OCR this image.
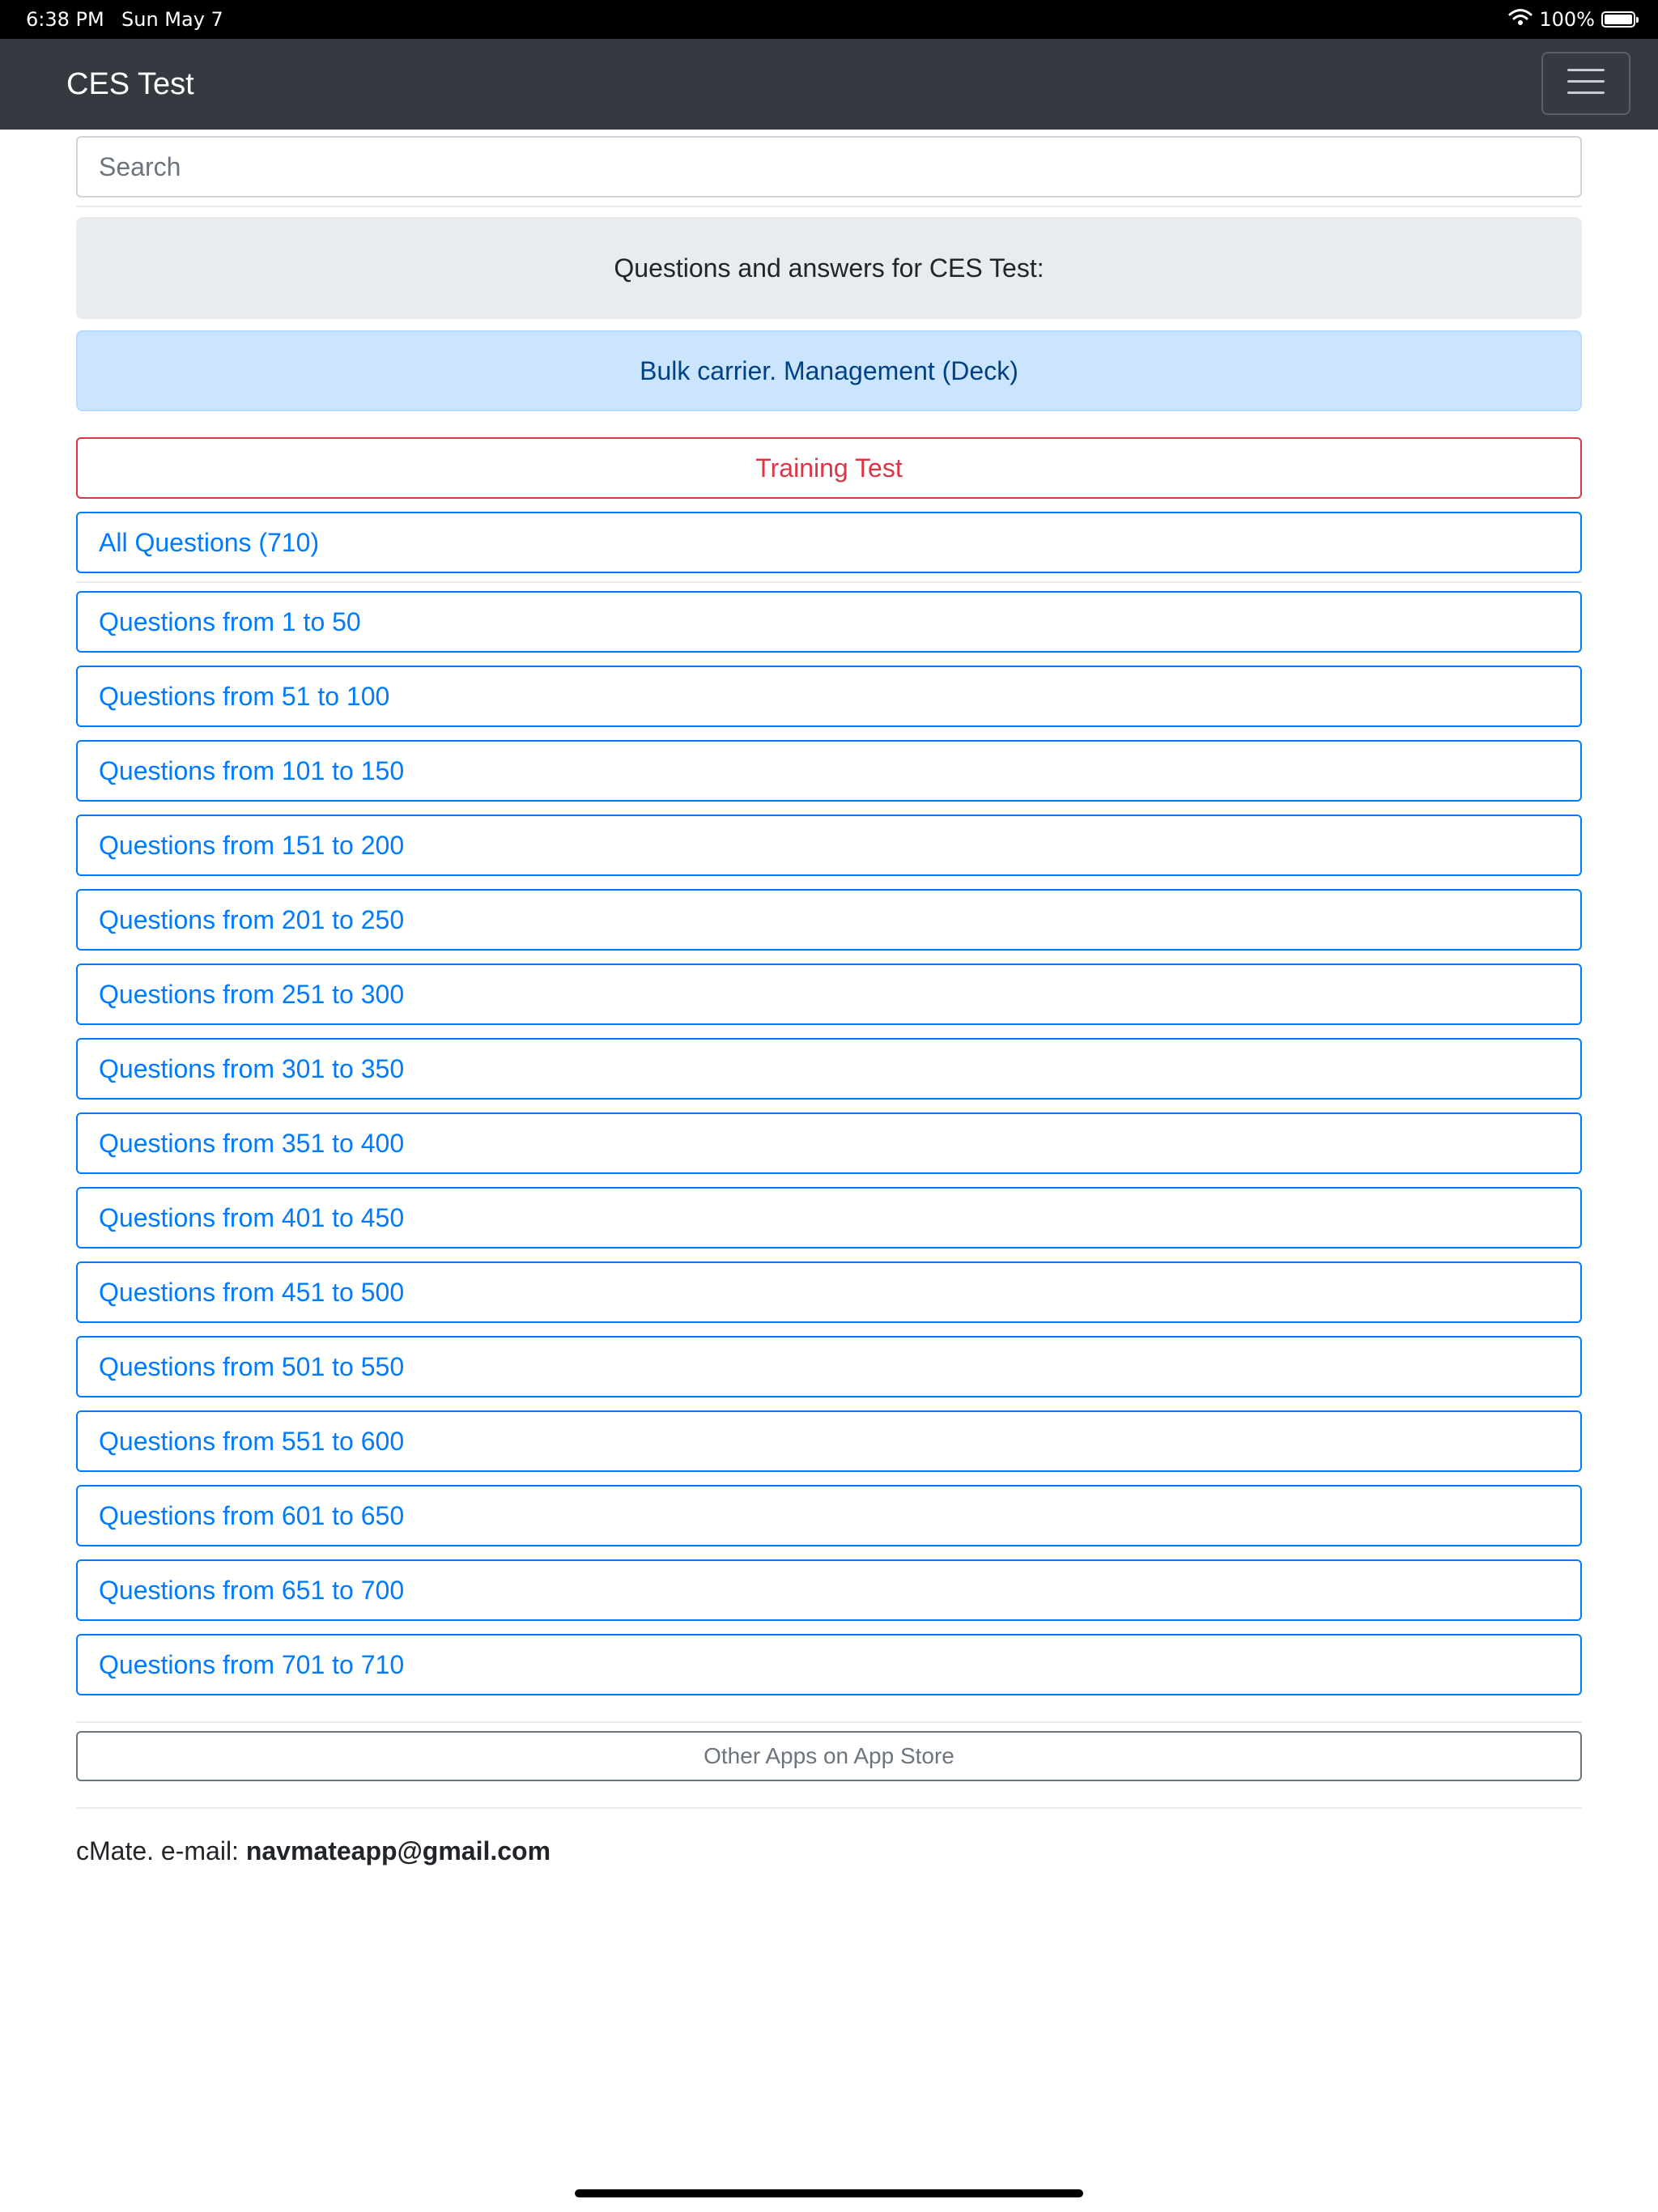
6:38 PM Sun May 7	100%
CES Test
Search
Questions and answers for CES Test:
Bulk carrier. Management (Deck)
Training Test
All Questions (710)
Questions from 1 to 50
Questions from 51 to 100
Questions from 101 to 150
Questions from 151 to 200
Questions from 201 to 250
Questions from 251 to 300
Questions from 301 to 350
Questions from 351 to 400
Questions from 401 to 450
Questions from 451 to 500
Questions from 501 to 550
Questions from 551 to 600
Questions from 601 to 650
Questions from 651 to 700
Questions from 701 to 710
Other Apps on App Store
cMate. e-mail: navmateapp@gmail.com
